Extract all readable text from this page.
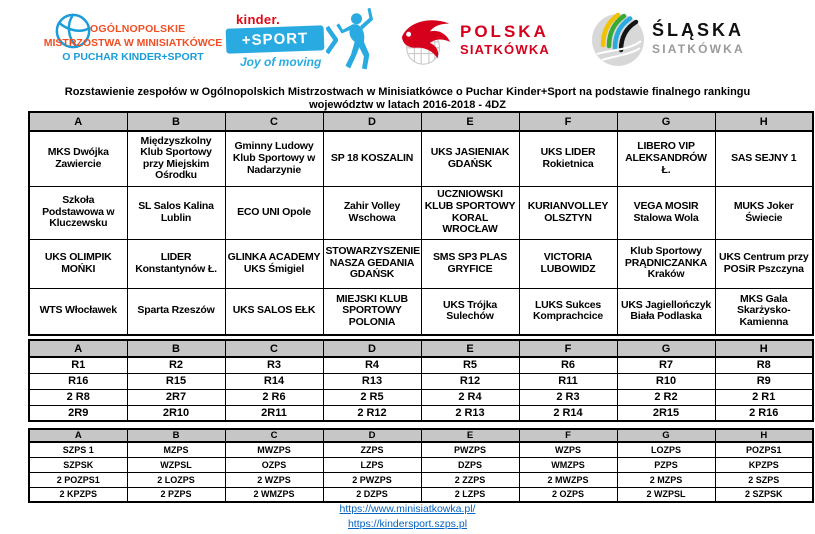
OGÓLNOPOLSKIE
MISTRZOSTWA W MINISIATKÓWCE
O PUCHAR KINDER+SPORT
kinder.
+SPORT
Joy of moving
POLSKA
SIATKÓWKA
ŚLĄSKA
SIATKÓWKA
Rozstawienie zespołów w Ogólnopolskich Mistrzostwach w Minisiatkówce o Puchar Kinder+Sport na podstawie finalnego rankingu
województw w latach 2016-2018 - 4DZ
A	B	C	D	E	F	G	H
MKS Dwójka Zawiercie	Międzyszkolny Klub Sportowy przy Miejskim Ośrodku	Gminny Ludowy Klub Sportowy w Nadarzynie	SP 18 KOSZALIN	UKS JASIENIAK GDAŃSK	UKS LIDER Rokietnica	LIBERO VIP ALEKSANDRÓW Ł.	SAS SEJNY 1
Szkoła Podstawowa w Kluczewsku	SL Salos Kalina Lublin	ECO UNI Opole	Zahir Volley Wschowa	UCZNIOWSKI KLUB SPORTOWY KORAL WROCŁAW	KURIANVOLLEY OLSZTYN	VEGA MOSIR Stalowa Wola	MUKS Joker Świecie
UKS OLIMPIK MOŃKI	LIDER Konstantynów Ł.	GLINKA ACADEMY UKS Śmigiel	STOWARZYSZENIE NASZA GEDANIA GDAŃSK	SMS SP3 PLAS GRYFICE	VICTORIA LUBOWIDZ	Klub Sportowy PRĄDNICZANKA Kraków	UKS Centrum przy POSiR Pszczyna
WTS Włocławek	Sparta Rzeszów	UKS SALOS EŁK	MIEJSKI KLUB SPORTOWY POLONIA	UKS Trójka Sulechów	LUKS Sukces Komprachcice	UKS Jagiellończyk Biała Podlaska	MKS Gala Skarżysko-Kamienna
A	B	C	D	E	F	G	H
R1	R2	R3	R4	R5	R6	R7	R8
R16	R15	R14	R13	R12	R11	R10	R9
2 R8	2R7	2 R6	2 R5	2 R4	2 R3	2 R2	2 R1
2R9	2R10	2R11	2 R12	2 R13	2 R14	2R15	2 R16
A	B	C	D	E	F	G	H
SZPS 1	MZPS	MWZPS	ZZPS	PWZPS	WZPS	LOZPS	POZPS1
SZPSK	WZPSL	OZPS	LZPS	DZPS	WMZPS	PZPS	KPZPS
2 POZPS1	2 LOZPS	2 WZPS	2 PWZPS	2 ZZPS	2 MWZPS	2 MZPS	2 SZPS
2 KPZPS	2 PZPS	2 WMZPS	2 DZPS	2 LZPS	2 OZPS	2 WZPSL	2 SZPSK
https://www.minisiatkowka.pl/
https://kindersport.szps.pl
